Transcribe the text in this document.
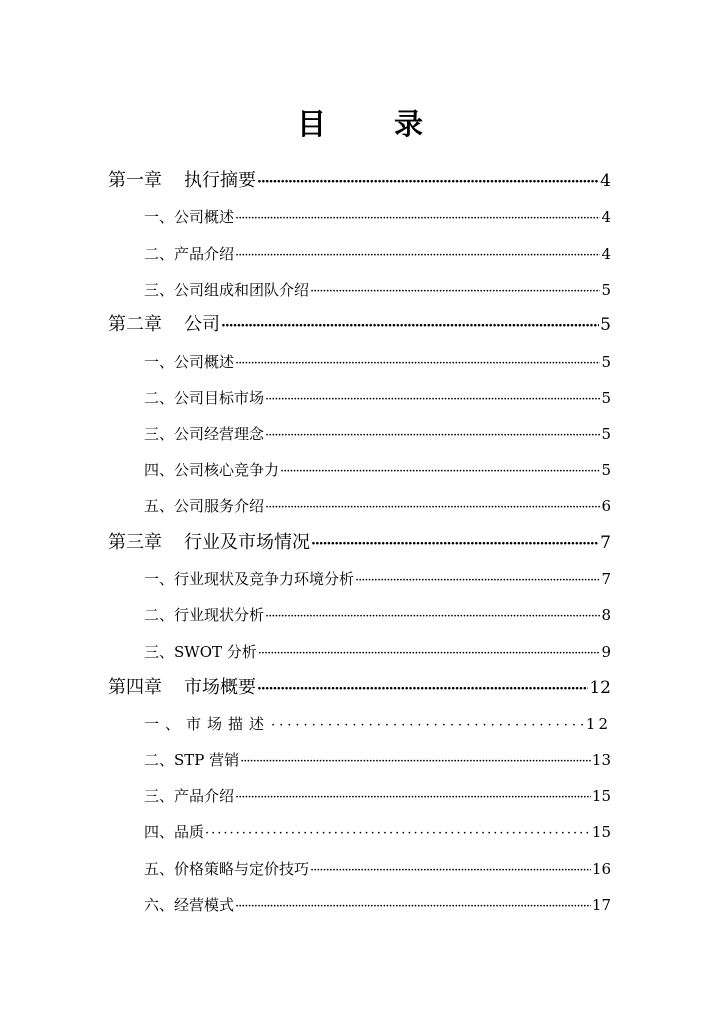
目 录
第一章 执行摘要 ·····	4
一、公司概述 ·····	4
二、产品介绍 ·····	4
三、公司组成和团队介绍 ·····	5
第二章 公司 ·····	5
一、公司概述 ·····	5
二、公司目标市场 ·····	5
三、公司经营理念 ·····	5
四、公司核心竞争力 ·····	5
五、公司服务介绍 ·····	6
第三章 行业及市场情况 ·····	7
一、行业现状及竞争力环境分析 ·····	7
二、行业现状分析 ·····	8
三、SWOT 分析 ·····	9
第四章 市场概要 ·····	12
一、市场描述 ·····	12
二、STP 营销 ·····	13
三、产品介绍 ·····	15
四、品质 ·····	15
五、价格策略与定价技巧 ·····	16
六、经营模式 ·····	17
